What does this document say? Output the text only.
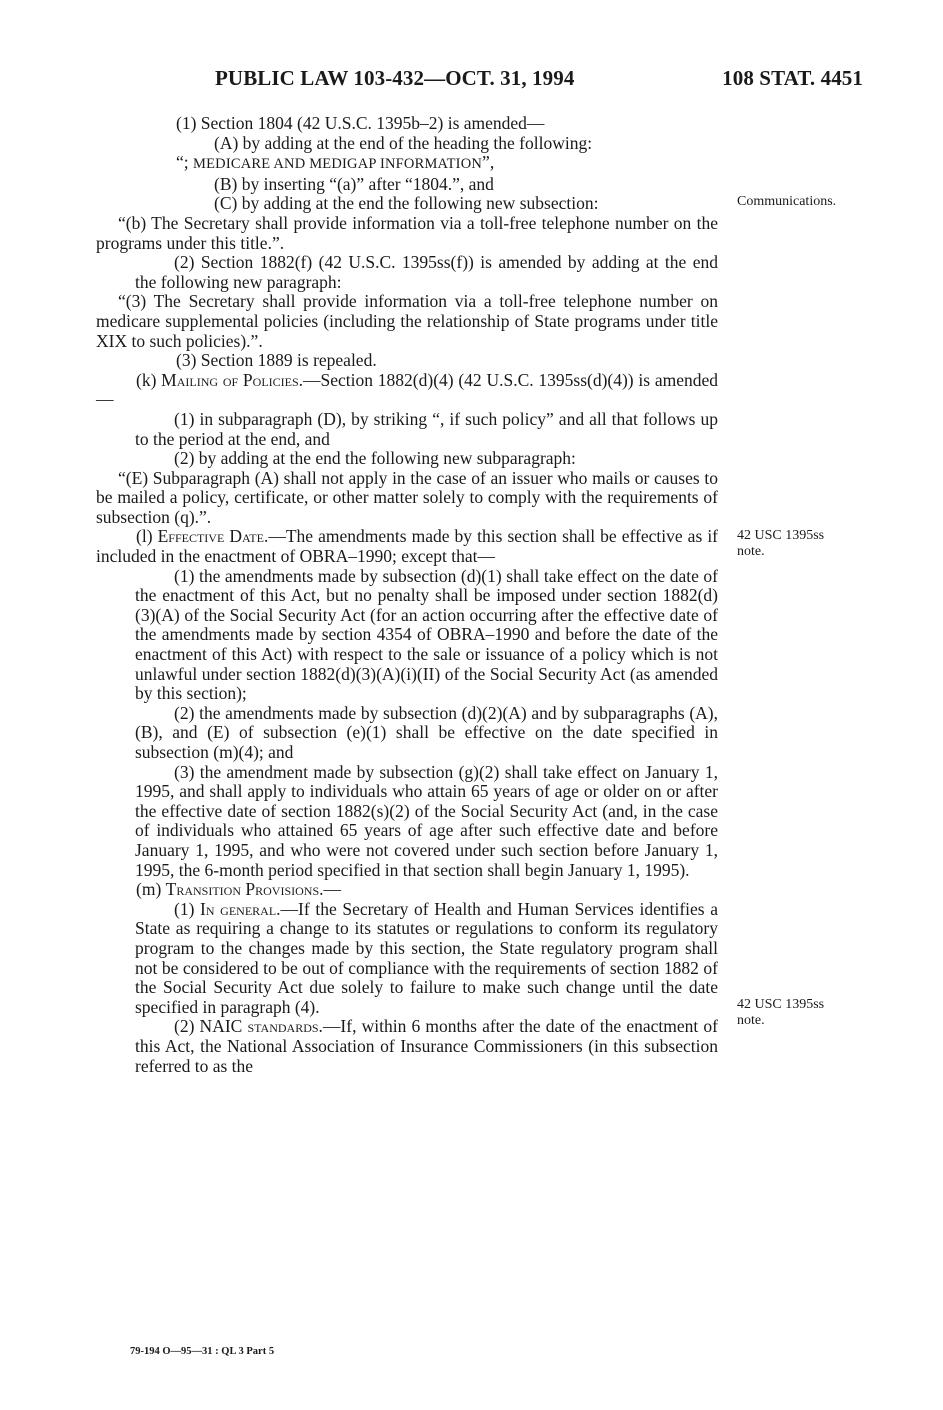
PUBLIC LAW 103-432—OCT. 31, 1994	108 STAT. 4451

(1) Section 1804 (42 U.S.C. 1395b–2) is amended—

(A) by adding at the end of the heading the following:

“; MEDICARE AND MEDIGAP INFORMATION”,

(B) by inserting “(a)” after “1804.”, and

(C) by adding at the end the following new subsection:

“(b) The Secretary shall provide information via a toll-free telephone number on the programs under this title.”.

(2) Section 1882(f) (42 U.S.C. 1395ss(f)) is amended by adding at the end the following new paragraph:

“(3) The Secretary shall provide information via a toll-free telephone number on medicare supplemental policies (including the relationship of State programs under title XIX to such policies).”.

(3) Section 1889 is repealed.

(k) Mailing of Policies.—Section 1882(d)(4) (42 U.S.C. 1395ss(d)(4)) is amended—

(1) in subparagraph (D), by striking “, if such policy” and all that follows up to the period at the end, and

(2) by adding at the end the following new subparagraph:

“(E) Subparagraph (A) shall not apply in the case of an issuer who mails or causes to be mailed a policy, certificate, or other matter solely to comply with the requirements of subsection (q).”.

(l) Effective Date.—The amendments made by this section shall be effective as if included in the enactment of OBRA–1990; except that—

(1) the amendments made by subsection (d)(1) shall take effect on the date of the enactment of this Act, but no penalty shall be imposed under section 1882(d)(3)(A) of the Social Security Act (for an action occurring after the effective date of the amendments made by section 4354 of OBRA–1990 and before the date of the enactment of this Act) with respect to the sale or issuance of a policy which is not unlawful under section 1882(d)(3)(A)(i)(II) of the Social Security Act (as amended by this section);

(2) the amendments made by subsection (d)(2)(A) and by subparagraphs (A), (B), and (E) of subsection (e)(1) shall be effective on the date specified in subsection (m)(4); and

(3) the amendment made by subsection (g)(2) shall take effect on January 1, 1995, and shall apply to individuals who attain 65 years of age or older on or after the effective date of section 1882(s)(2) of the Social Security Act (and, in the case of individuals who attained 65 years of age after such effective date and before January 1, 1995, and who were not covered under such section before January 1, 1995, the 6-month period specified in that section shall begin January 1, 1995).

(m) Transition Provisions.—

(1) In general.—If the Secretary of Health and Human Services identifies a State as requiring a change to its statutes or regulations to conform its regulatory program to the changes made by this section, the State regulatory program shall not be considered to be out of compliance with the requirements of section 1882 of the Social Security Act due solely to failure to make such change until the date specified in paragraph (4).

(2) NAIC standards.—If, within 6 months after the date of the enactment of this Act, the National Association of Insurance Commissioners (in this subsection referred to as the

Communications.
42 USC 1395ss
note.
42 USC 1395ss
note.
79-194 O—95—31 : QL 3 Part 5
